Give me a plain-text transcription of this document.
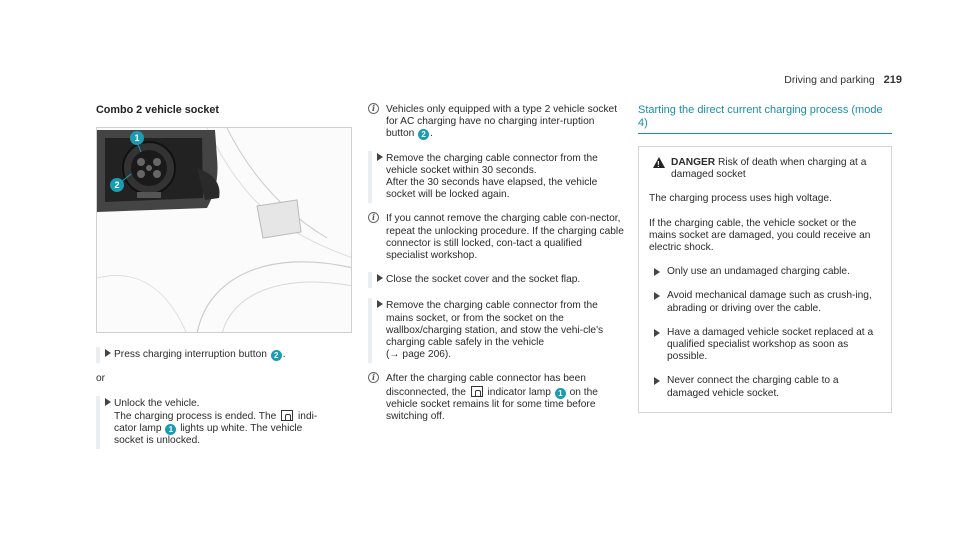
Driving and parking 219
Combo 2 vehicle socket
1
2
Press charging interruption button 2 .
or
Unlock the vehicle.
The charging process is ended. The  indi-
cator lamp 1 lights up white. The vehicle
socket is unlocked.
i	Vehicles only equipped with a type 2 vehicle socket for AC charging have no charging inter-ruption button 2 .
Remove the charging cable connector from the vehicle socket within 30 seconds.
After the 30 seconds have elapsed, the vehicle socket will be locked again.
i	If you cannot remove the charging cable con-nector, repeat the unlocking procedure. If the charging cable connector is still locked, con-tact a qualified specialist workshop.
Close the socket cover and the socket flap.
Remove the charging cable connector from the mains socket, or from the socket on the wallbox/charging station, and stow the vehi-cle's charging cable safely in the vehicle
(→ page 206).
i	After the charging cable connector has been disconnected, the  indicator lamp 1 on the vehicle socket remains lit for some time before switching off.
Starting the direct current charging process (mode 4)
!
DANGER Risk of death when charging at a damaged socket

The charging process uses high voltage.

If the charging cable, the vehicle socket or the mains socket are damaged, you could receive an electric shock.

Only use an undamaged charging cable.
Avoid mechanical damage such as crush-ing, abrading or driving over the cable.
Have a damaged vehicle socket replaced at a qualified specialist workshop as soon as possible.
Never connect the charging cable to a damaged vehicle socket.
